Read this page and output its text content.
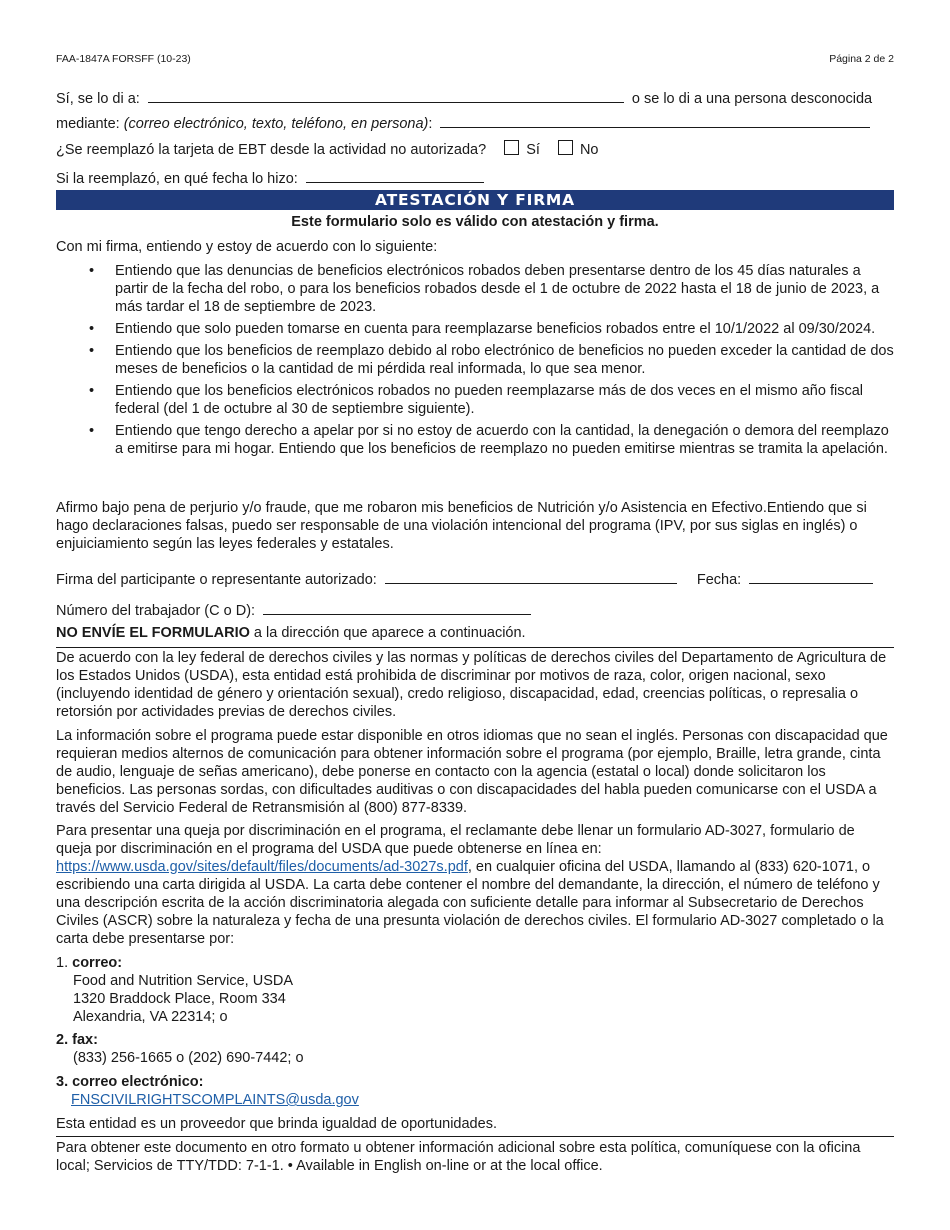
FAA-1847A FORSFF (10-23)	Página 2 de 2
Sí, se lo di a:	o se lo di a una persona desconocida
mediante: (correo electrónico, texto, teléfono, en persona):
¿Se reemplazó la tarjeta de EBT desde la actividad no autorizada?	Sí	No
Si la reemplazó, en qué fecha lo hizo:
ATESTACIÓN Y FIRMA
Este formulario solo es válido con atestación y firma.
Con mi firma, entiendo y estoy de acuerdo con lo siguiente:
• Entiendo que las denuncias de beneficios electrónicos robados deben presentarse dentro de los 45 días naturales a partir de la fecha del robo, o para los beneficios robados desde el 1 de octubre de 2022 hasta el 18 de junio de 2023, a más tardar el 18 de septiembre de 2023.
• Entiendo que solo pueden tomarse en cuenta para reemplazarse beneficios robados entre el 10/1/2022 al 09/30/2024.
• Entiendo que los beneficios de reemplazo debido al robo electrónico de beneficios no pueden exceder la cantidad de dos meses de beneficios o la cantidad de mi pérdida real informada, lo que sea menor.
• Entiendo que los beneficios electrónicos robados no pueden reemplazarse más de dos veces en el mismo año fiscal federal (del 1 de octubre al 30 de septiembre siguiente).
• Entiendo que tengo derecho a apelar por si no estoy de acuerdo con la cantidad, la denegación o demora del reemplazo a emitirse para mi hogar. Entiendo que los beneficios de reemplazo no pueden emitirse mientras se tramita la apelación.
Afirmo bajo pena de perjurio y/o fraude, que me robaron mis beneficios de Nutrición y/o Asistencia en Efectivo.Entiendo que si hago declaraciones falsas, puedo ser responsable de una violación intencional del programa (IPV, por sus siglas en inglés) o enjuiciamiento según las leyes federales y estatales.
Firma del participante o representante autorizado:	Fecha:
Número del trabajador (C o D):
NO ENVÍE EL FORMULARIO a la dirección que aparece a continuación.
De acuerdo con la ley federal de derechos civiles y las normas y políticas de derechos civiles del Departamento de Agricultura de los Estados Unidos (USDA), esta entidad está prohibida de discriminar por motivos de raza, color, origen nacional, sexo (incluyendo identidad de género y orientación sexual), credo religioso, discapacidad, edad, creencias políticas, o represalia o retorsión por actividades previas de derechos civiles.
La información sobre el programa puede estar disponible en otros idiomas que no sean el inglés. Personas con discapacidad que requieran medios alternos de comunicación para obtener información sobre el programa (por ejemplo, Braille, letra grande, cinta de audio, lenguaje de señas americano), debe ponerse en contacto con la agencia (estatal o local) donde solicitaron los beneficios. Las personas sordas, con dificultades auditivas o con discapacidades del habla pueden comunicarse con el USDA a través del Servicio Federal de Retransmisión al (800) 877-8339.
Para presentar una queja por discriminación en el programa, el reclamante debe llenar un formulario AD-3027, formulario de queja por discriminación en el programa del USDA que puede obtenerse en línea en: https://www.usda.gov/sites/default/files/documents/ad-3027s.pdf, en cualquier oficina del USDA, llamando al (833) 620-1071, o escribiendo una carta dirigida al USDA. La carta debe contener el nombre del demandante, la dirección, el número de teléfono y una descripción escrita de la acción discriminatoria alegada con suficiente detalle para informar al Subsecretario de Derechos Civiles (ASCR) sobre la naturaleza y fecha de una presunta violación de derechos civiles. El formulario AD-3027 completado o la carta debe presentarse por:
1. correo:
Food and Nutrition Service, USDA
1320 Braddock Place, Room 334
Alexandria, VA 22314; o
2. fax:
(833) 256-1665 o (202) 690-7442; o
3. correo electrónico:
FNSCIVILRIGHTSCOMPLAINTS@usda.gov
Esta entidad es un proveedor que brinda igualdad de oportunidades.
Para obtener este documento en otro formato u obtener información adicional sobre esta política, comuníquese con la oficina local; Servicios de TTY/TDD: 7-1-1. • Available in English on-line or at the local office.
